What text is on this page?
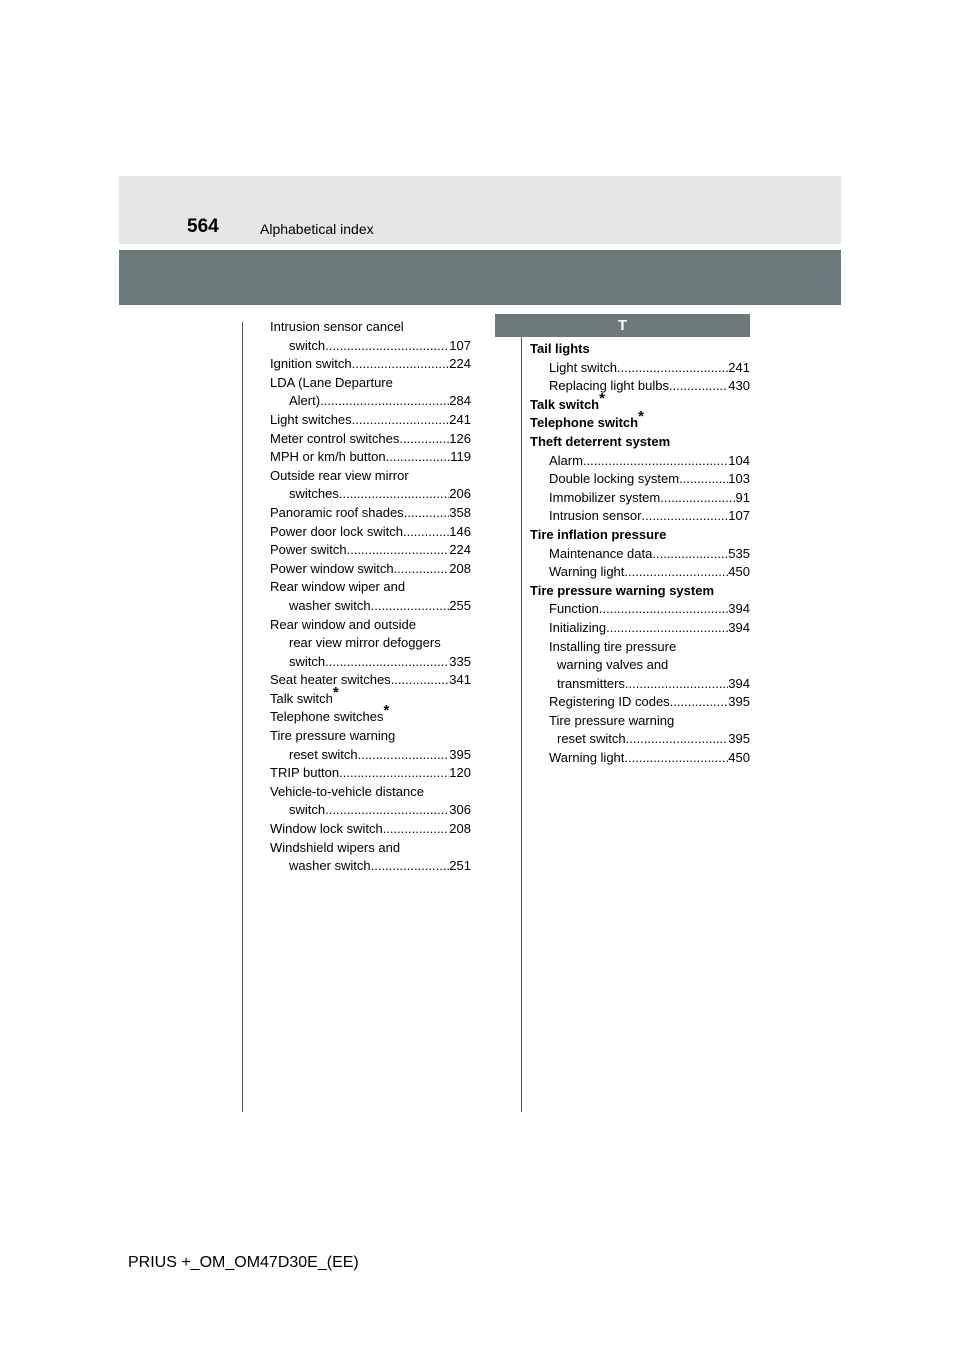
564	Alphabetical index
Intrusion sensor cancel
switch .....	107
Ignition switch .....	224
LDA (Lane Departure
Alert) .....	284
Light switches .....	241
Meter control switches .....	126
MPH or km/h button .....	119
Outside rear view mirror
switches .....	206
Panoramic roof shades .....	358
Power door lock switch .....	146
Power switch .....	224
Power window switch .....	208
Rear window wiper and
washer switch .....	255
Rear window and outside
rear view mirror defoggers
switch .....	335
Seat heater switches .....	341
Talk switch*
Telephone switches*
Tire pressure warning
reset switch .....	395
TRIP button .....	120
Vehicle-to-vehicle distance
switch .....	306
Window lock switch .....	208
Windshield wipers and
washer switch .....	251
T
Tail lights
Light switch .....	241
Replacing light bulbs .....	430
Talk switch*
Telephone switch*
Theft deterrent system
Alarm .....	104
Double locking system .....	103
Immobilizer system .....	91
Intrusion sensor .....	107
Tire inflation pressure
Maintenance data .....	535
Warning light .....	450
Tire pressure warning system
Function .....	394
Initializing .....	394
Installing tire pressure
warning valves and
transmitters .....	394
Registering ID codes .....	395
Tire pressure warning
reset switch .....	395
Warning light .....	450
PRIUS +_OM_OM47D30E_(EE)
